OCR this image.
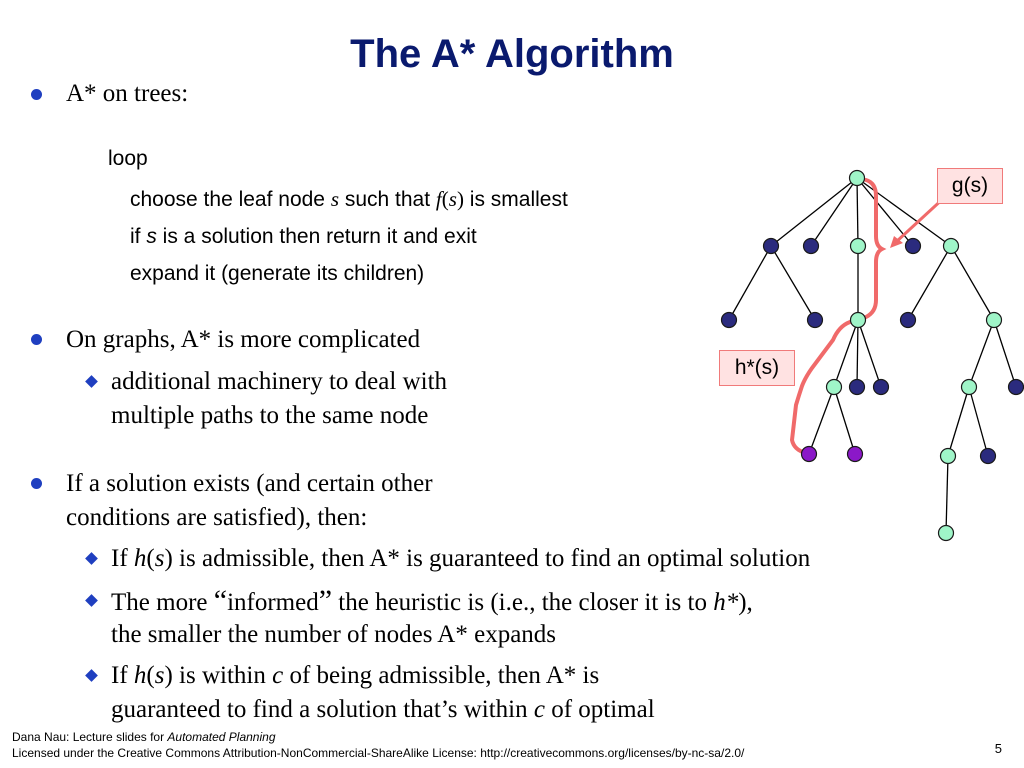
The A* Algorithm
A* on trees:
loop
choose the leaf node s such that f(s) is smallest
if s is a solution then return it and exit
expand it (generate its children)
On graphs, A* is more complicated
additional machinery to deal with
multiple paths to the same node
If a solution exists (and certain other
conditions are satisfied), then:
If h(s) is admissible, then A* is guaranteed to find an optimal solution
The more “informed” the heuristic is (i.e., the closer it is to h*),
the smaller the number of nodes A* expands
If h(s) is within c of being admissible, then A* is
guaranteed to find a solution that’s within c of optimal
g(s)
h*(s)
Dana Nau: Lecture slides for Automated Planning
Licensed under the Creative Commons Attribution-NonCommercial-ShareAlike License: http://creativecommons.org/licenses/by-nc-sa/2.0/	5
